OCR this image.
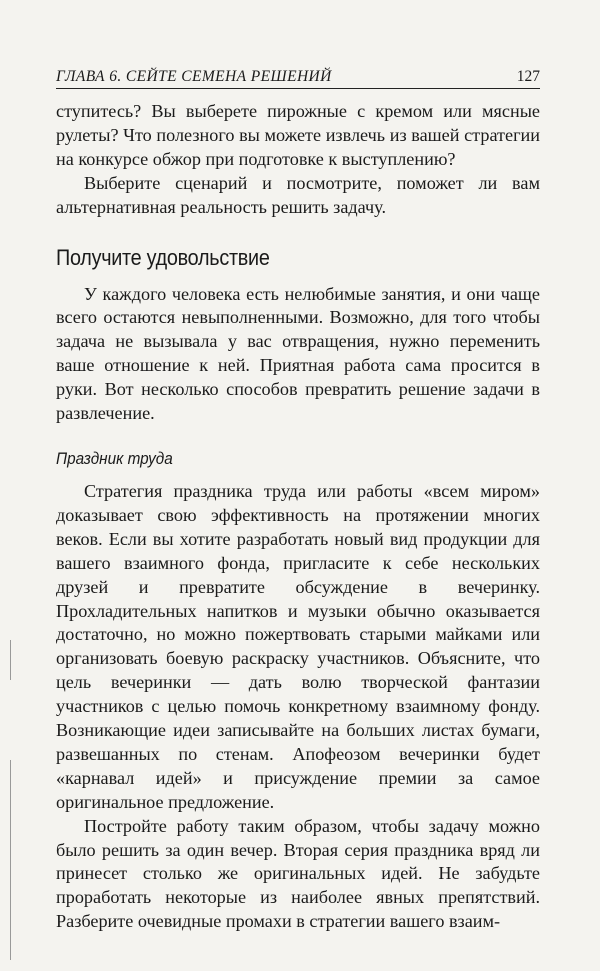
ГЛАВА 6. СЕЙТЕ СЕМЕНА РЕШЕНИЙ	127

ступитесь? Вы выберете пирожные с кремом или мясные рулеты? Что полезного вы можете извлечь из вашей стратегии на конкурсе обжор при подготовке к выступлению?

Выберите сценарий и посмотрите, поможет ли вам альтернативная реальность решить задачу.

Получите удовольствие

У каждого человека есть нелюбимые занятия, и они чаще всего остаются невыполненными. Возможно, для того чтобы задача не вызывала у вас отвращения, нужно переменить ваше отношение к ней. Приятная работа сама просится в руки. Вот несколько способов превратить решение задачи в развлечение.

Праздник труда

Стратегия праздника труда или работы «всем миром» доказывает свою эффективность на протяжении многих веков. Если вы хотите разработать новый вид продукции для вашего взаимного фонда, пригласите к себе нескольких друзей и превратите обсуждение в вечеринку. Прохладительных напитков и музыки обычно оказывается достаточно, но можно пожертвовать старыми майками или организовать боевую раскраску участников. Объясните, что цель вечеринки — дать волю творческой фантазии участников с целью помочь конкретному взаимному фонду. Возникающие идеи записывайте на больших листах бумаги, развешанных по стенам. Апофеозом вечеринки будет «карнавал идей» и присуждение премии за самое оригинальное предложение.

Постройте работу таким образом, чтобы задачу можно было решить за один вечер. Вторая серия праздника вряд ли принесет столько же оригинальных идей. Не забудьте проработать некоторые из наиболее явных препятствий. Разберите очевидные промахи в стратегии вашего взаим-
